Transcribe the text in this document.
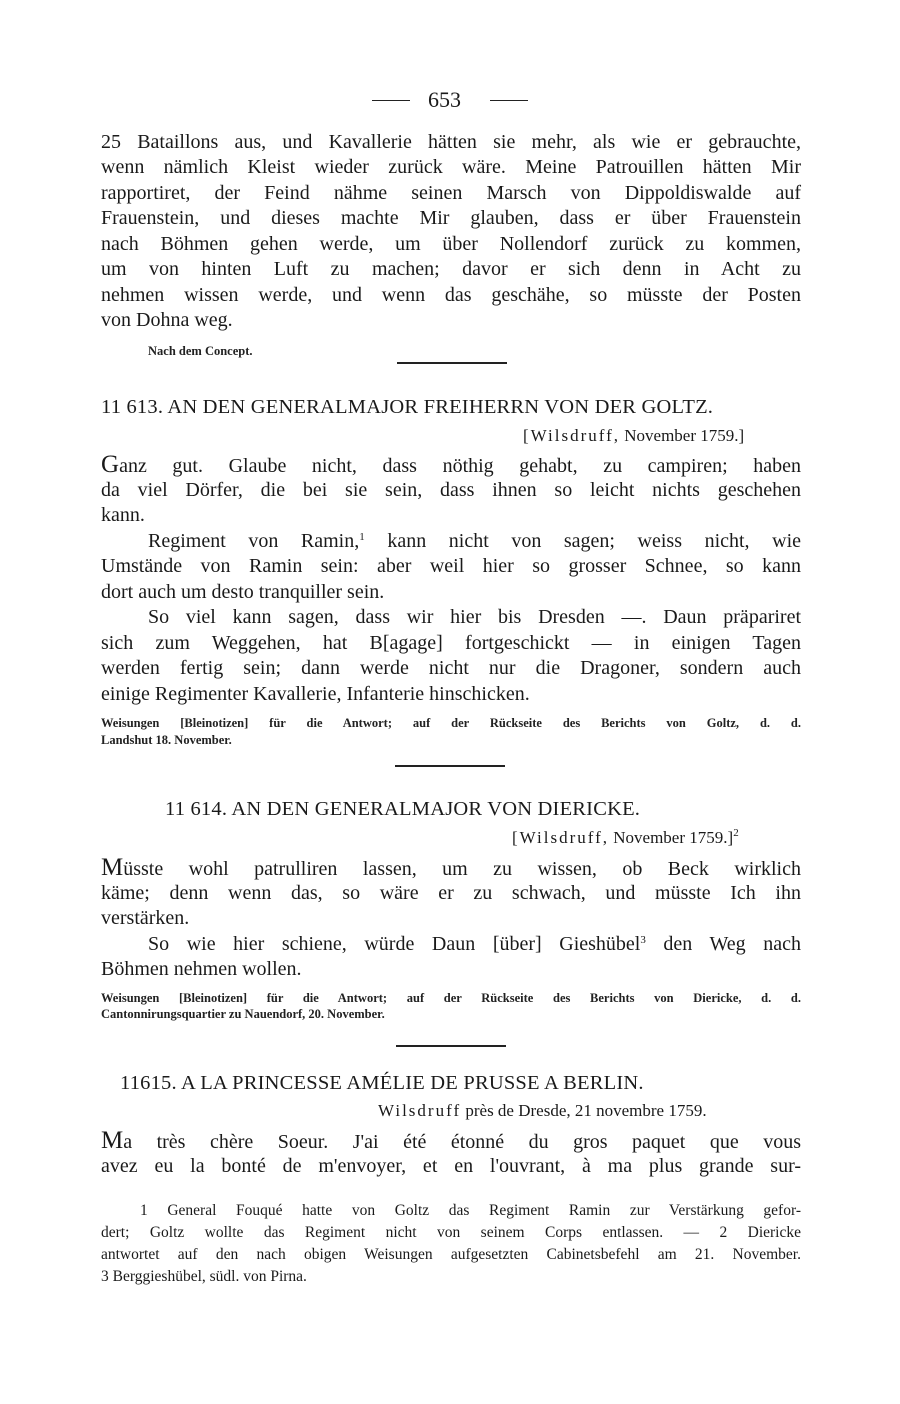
653
25 Bataillons aus, und Kavallerie hätten sie mehr, als wie er gebrauchte,
wenn nämlich Kleist wieder zurück wäre. Meine Patrouillen hätten Mir
rapportiret, der Feind nähme seinen Marsch von Dippoldiswalde auf
Frauenstein, und dieses machte Mir glauben, dass er über Frauenstein
nach Böhmen gehen werde, um über Nollendorf zurück zu kommen,
um von hinten Luft zu machen; davor er sich denn in Acht zu
nehmen wissen werde, und wenn das geschähe, so müsste der Posten
von Dohna weg.
Nach dem Concept.
11 613. AN DEN GENERALMAJOR FREIHERRN VON DER GOLTZ.
[Wilsdruff, November 1759.]
Ganz gut. Glaube nicht, dass nöthig gehabt, zu campiren; haben
da viel Dörfer, die bei sie sein, dass ihnen so leicht nichts geschehen
kann.
Regiment von Ramin,$^1$ kann nicht von sagen; weiss nicht, wie
Umstände von Ramin sein: aber weil hier so grosser Schnee, so kann
dort auch um desto tranquiller sein.
So viel kann sagen, dass wir hier bis Dresden —. Daun präpariret
sich zum Weggehen, hat B[agage] fortgeschickt — in einigen Tagen
werden fertig sein; dann werde nicht nur die Dragoner, sondern auch
einige Regimenter Kavallerie, Infanterie hinschicken.
Weisungen [Bleinotizen] für die Antwort; auf der Rückseite des Berichts von Goltz, d. d.
Landshut 18. November.
11 614. AN DEN GENERALMAJOR VON DIERICKE.
[Wilsdruff, November 1759.]$^2$
Müsste wohl patrulliren lassen, um zu wissen, ob Beck wirklich
käme; denn wenn das, so wäre er zu schwach, und müsste Ich ihn
verstärken.
So wie hier schiene, würde Daun [über] Gieshübel$^3$ den Weg nach
Böhmen nehmen wollen.
Weisungen [Bleinotizen] für die Antwort; auf der Rückseite des Berichts von Diericke, d. d.
Cantonnirungsquartier zu Nauendorf, 20. November.
11615. A LA PRINCESSE AMÉLIE DE PRUSSE A BERLIN.
Wilsdruff près de Dresde, 21 novembre 1759.
Ma très chère Soeur. J'ai été étonné du gros paquet que vous
avez eu la bonté de m'envoyer, et en l'ouvrant, à ma plus grande sur-
1 General Fouqué hatte von Goltz das Regiment Ramin zur Verstärkung gefor-
dert; Goltz wollte das Regiment nicht von seinem Corps entlassen. — 2 Diericke
antwortet auf den nach obigen Weisungen aufgesetzten Cabinetsbefehl am 21. November.
3 Berggieshübel, südl. von Pirna.
